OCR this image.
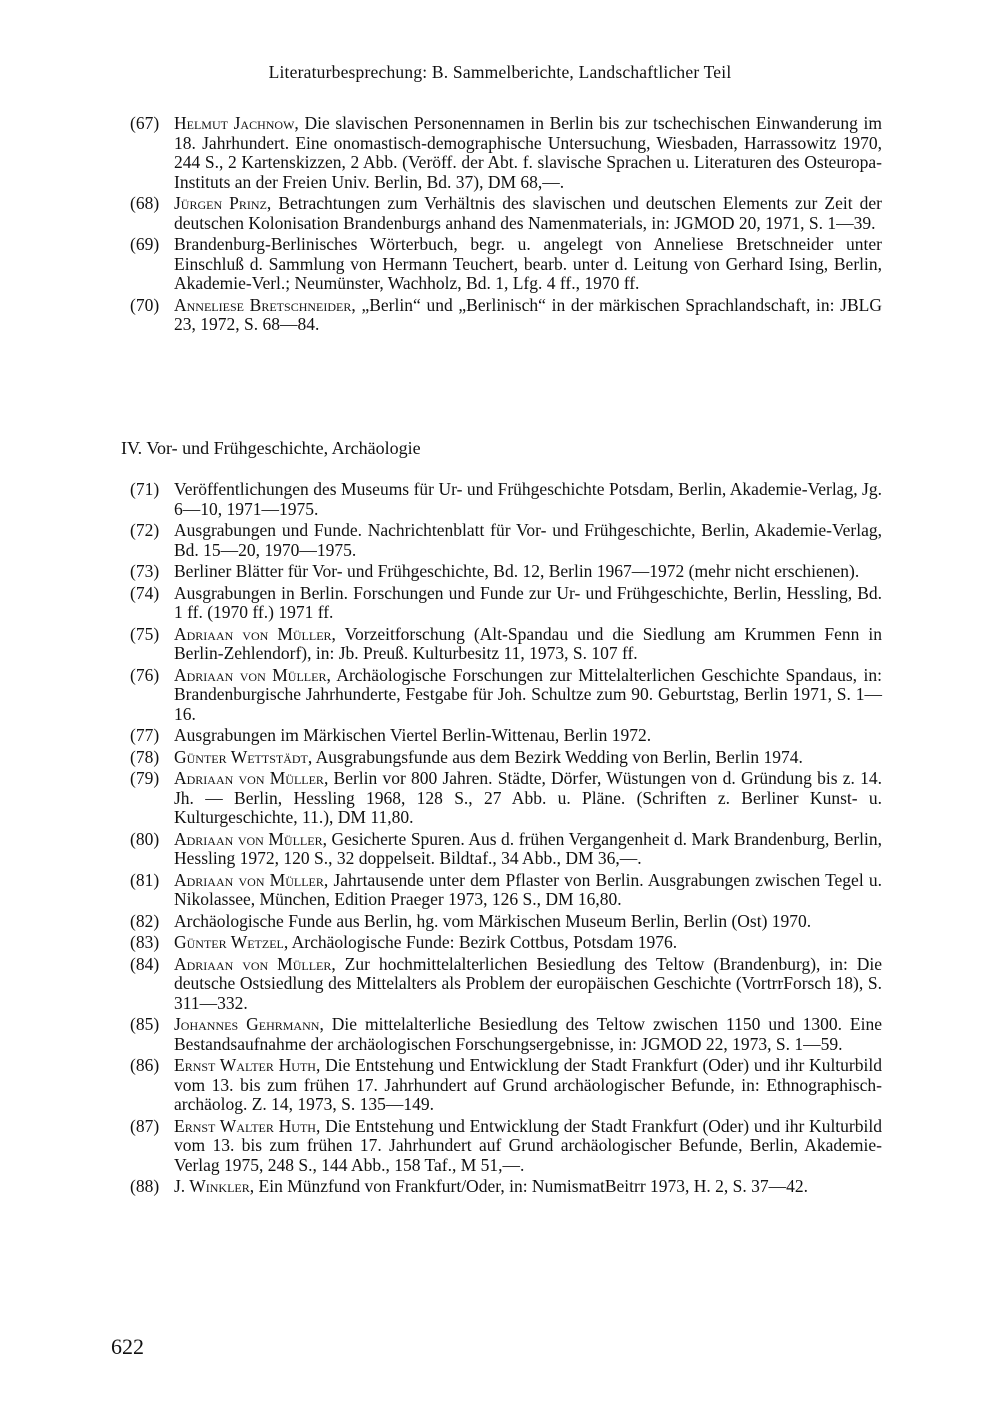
Literaturbesprechung: B. Sammelberichte, Landschaftlicher Teil
(67) Helmut Jachnow, Die slavischen Personennamen in Berlin bis zur tschechischen Einwanderung im 18. Jahrhundert. Eine onomastisch-demographische Untersuchung, Wiesbaden, Harrassowitz 1970, 244 S., 2 Kartenskizzen, 2 Abb. (Veröff. der Abt. f. slavische Sprachen u. Literaturen des Osteuropa-Instituts an der Freien Univ. Berlin, Bd. 37), DM 68,—.
(68) Jürgen Prinz, Betrachtungen zum Verhältnis des slavischen und deutschen Elements zur Zeit der deutschen Kolonisation Brandenburgs anhand des Namenmaterials, in: JGMOD 20, 1971, S. 1—39.
(69) Brandenburg-Berlinisches Wörterbuch, begr. u. angelegt von Anneliese Bretschneider unter Einschluß d. Sammlung von Hermann Teuchert, bearb. unter d. Leitung von Gerhard Ising, Berlin, Akademie-Verl.; Neumünster, Wachholz, Bd. 1, Lfg. 4 ff., 1970 ff.
(70) Anneliese Bretschneider, „Berlin“ und „Berlinisch“ in der märkischen Sprachlandschaft, in: JBLG 23, 1972, S. 68—84.
IV. Vor- und Frühgeschichte, Archäologie
(71) Veröffentlichungen des Museums für Ur- und Frühgeschichte Potsdam, Berlin, Akademie-Verlag, Jg. 6—10, 1971—1975.
(72) Ausgrabungen und Funde. Nachrichtenblatt für Vor- und Frühgeschichte, Berlin, Akademie-Verlag, Bd. 15—20, 1970—1975.
(73) Berliner Blätter für Vor- und Frühgeschichte, Bd. 12, Berlin 1967—1972 (mehr nicht erschienen).
(74) Ausgrabungen in Berlin. Forschungen und Funde zur Ur- und Frühgeschichte, Berlin, Hessling, Bd. 1 ff. (1970 ff.) 1971 ff.
(75) Adriaan von Müller, Vorzeitforschung (Alt-Spandau und die Siedlung am Krummen Fenn in Berlin-Zehlendorf), in: Jb. Preuß. Kulturbesitz 11, 1973, S. 107 ff.
(76) Adriaan von Müller, Archäologische Forschungen zur Mittelalterlichen Geschichte Spandaus, in: Brandenburgische Jahrhunderte, Festgabe für Joh. Schultze zum 90. Geburtstag, Berlin 1971, S. 1—16.
(77) Ausgrabungen im Märkischen Viertel Berlin-Wittenau, Berlin 1972.
(78) Günter Wettstädt, Ausgrabungsfunde aus dem Bezirk Wedding von Berlin, Berlin 1974.
(79) Adriaan von Müller, Berlin vor 800 Jahren. Städte, Dörfer, Wüstungen von d. Gründung bis z. 14. Jh. — Berlin, Hessling 1968, 128 S., 27 Abb. u. Pläne. (Schriften z. Berliner Kunst- u. Kulturgeschichte, 11.), DM 11,80.
(80) Adriaan von Müller, Gesicherte Spuren. Aus d. frühen Vergangenheit d. Mark Brandenburg, Berlin, Hessling 1972, 120 S., 32 doppelseit. Bildtaf., 34 Abb., DM 36,—.
(81) Adriaan von Müller, Jahrtausende unter dem Pflaster von Berlin. Ausgrabungen zwischen Tegel u. Nikolassee, München, Edition Praeger 1973, 126 S., DM 16,80.
(82) Archäologische Funde aus Berlin, hg. vom Märkischen Museum Berlin, Berlin (Ost) 1970.
(83) Günter Wetzel, Archäologische Funde: Bezirk Cottbus, Potsdam 1976.
(84) Adriaan von Müller, Zur hochmittelalterlichen Besiedlung des Teltow (Brandenburg), in: Die deutsche Ostsiedlung des Mittelalters als Problem der europäischen Geschichte (VortrrForsch 18), S. 311—332.
(85) Johannes Gehrmann, Die mittelalterliche Besiedlung des Teltow zwischen 1150 und 1300. Eine Bestandsaufnahme der archäologischen Forschungsergebnisse, in: JGMOD 22, 1973, S. 1—59.
(86) Ernst Walter Huth, Die Entstehung und Entwicklung der Stadt Frankfurt (Oder) und ihr Kulturbild vom 13. bis zum frühen 17. Jahrhundert auf Grund archäologischer Befunde, in: Ethnographisch-archäolog. Z. 14, 1973, S. 135—149.
(87) Ernst Walter Huth, Die Entstehung und Entwicklung der Stadt Frankfurt (Oder) und ihr Kulturbild vom 13. bis zum frühen 17. Jahrhundert auf Grund archäologischer Befunde, Berlin, Akademie-Verlag 1975, 248 S., 144 Abb., 158 Taf., M 51,—.
(88) J. Winkler, Ein Münzfund von Frankfurt/Oder, in: NumismatBeitrr 1973, H. 2, S. 37—42.
622
